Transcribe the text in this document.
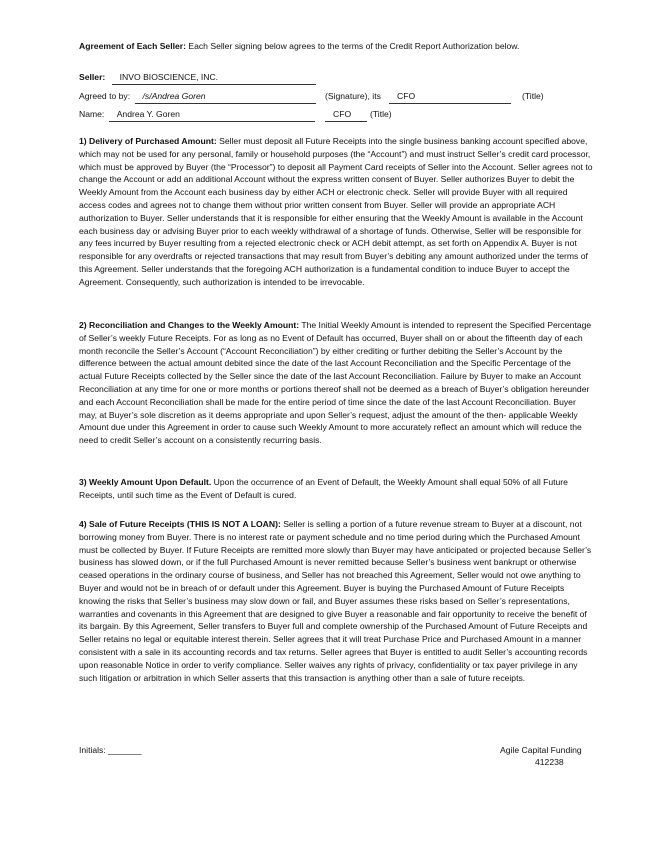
Agreement of Each Seller: Each Seller signing below agrees to the terms of the Credit Report Authorization below.
Seller: INVO BIOSCIENCE, INC.
Agreed to by: /s/Andrea Goren	(Signature), its	CFO	(Title)
Name: Andrea Y. Goren	CFO	(Title)
1) Delivery of Purchased Amount: Seller must deposit all Future Receipts into the single business banking account specified above, which may not be used for any personal, family or household purposes (the “Account”) and must instruct Seller’s credit card processor, which must be approved by Buyer (the “Processor”) to deposit all Payment Card receipts of Seller into the Account. Seller agrees not to change the Account or add an additional Account without the express written consent of Buyer. Seller authorizes Buyer to debit the Weekly Amount from the Account each business day by either ACH or electronic check. Seller will provide Buyer with all required access codes and agrees not to change them without prior written consent from Buyer. Seller will provide an appropriate ACH authorization to Buyer. Seller understands that it is responsible for either ensuring that the Weekly Amount is available in the Account each business day or advising Buyer prior to each weekly withdrawal of a shortage of funds. Otherwise, Seller will be responsible for any fees incurred by Buyer resulting from a rejected electronic check or ACH debit attempt, as set forth on Appendix A. Buyer is not responsible for any overdrafts or rejected transactions that may result from Buyer’s debiting any amount authorized under the terms of this Agreement. Seller understands that the foregoing ACH authorization is a fundamental condition to induce Buyer to accept the Agreement. Consequently, such authorization is intended to be irrevocable.
2) Reconciliation and Changes to the Weekly Amount: The Initial Weekly Amount is intended to represent the Specified Percentage of Seller’s weekly Future Receipts. For as long as no Event of Default has occurred, Buyer shall on or about the fifteenth day of each month reconcile the Seller’s Account (“Account Reconciliation”) by either crediting or further debiting the Seller’s Account by the difference between the actual amount debited since the date of the last Account Reconciliation and the Specific Percentage of the actual Future Receipts collected by the Seller since the date of the last Account Reconciliation. Failure by Buyer to make an Account Reconciliation at any time for one or more months or portions thereof shall not be deemed as a breach of Buyer’s obligation hereunder and each Account Reconciliation shall be made for the entire period of time since the date of the last Account Reconciliation. Buyer may, at Buyer’s sole discretion as it deems appropriate and upon Seller’s request, adjust the amount of the then- applicable Weekly Amount due under this Agreement in order to cause such Weekly Amount to more accurately reflect an amount which will reduce the need to credit Seller’s account on a consistently recurring basis.
3) Weekly Amount Upon Default. Upon the occurrence of an Event of Default, the Weekly Amount shall equal 50% of all Future Receipts, until such time as the Event of Default is cured.
4) Sale of Future Receipts (THIS IS NOT A LOAN): Seller is selling a portion of a future revenue stream to Buyer at a discount, not borrowing money from Buyer. There is no interest rate or payment schedule and no time period during which the Purchased Amount must be collected by Buyer. If Future Receipts are remitted more slowly than Buyer may have anticipated or projected because Seller’s business has slowed down, or if the full Purchased Amount is never remitted because Seller’s business went bankrupt or otherwise ceased operations in the ordinary course of business, and Seller has not breached this Agreement, Seller would not owe anything to Buyer and would not be in breach of or default under this Agreement. Buyer is buying the Purchased Amount of Future Receipts knowing the risks that Seller’s business may slow down or fail, and Buyer assumes these risks based on Seller’s representations, warranties and covenants in this Agreement that are designed to give Buyer a reasonable and fair opportunity to receive the benefit of its bargain. By this Agreement, Seller transfers to Buyer full and complete ownership of the Purchased Amount of Future Receipts and Seller retains no legal or equitable interest therein. Seller agrees that it will treat Purchase Price and Purchased Amount in a manner consistent with a sale in its accounting records and tax returns. Seller agrees that Buyer is entitled to audit Seller’s accounting records upon reasonable Notice in order to verify compliance. Seller waives any rights of privacy, confidentiality or tax payer privilege in any such litigation or arbitration in which Seller asserts that this transaction is anything other than a sale of future receipts.
Initials: _______	Agile Capital Funding
412238
